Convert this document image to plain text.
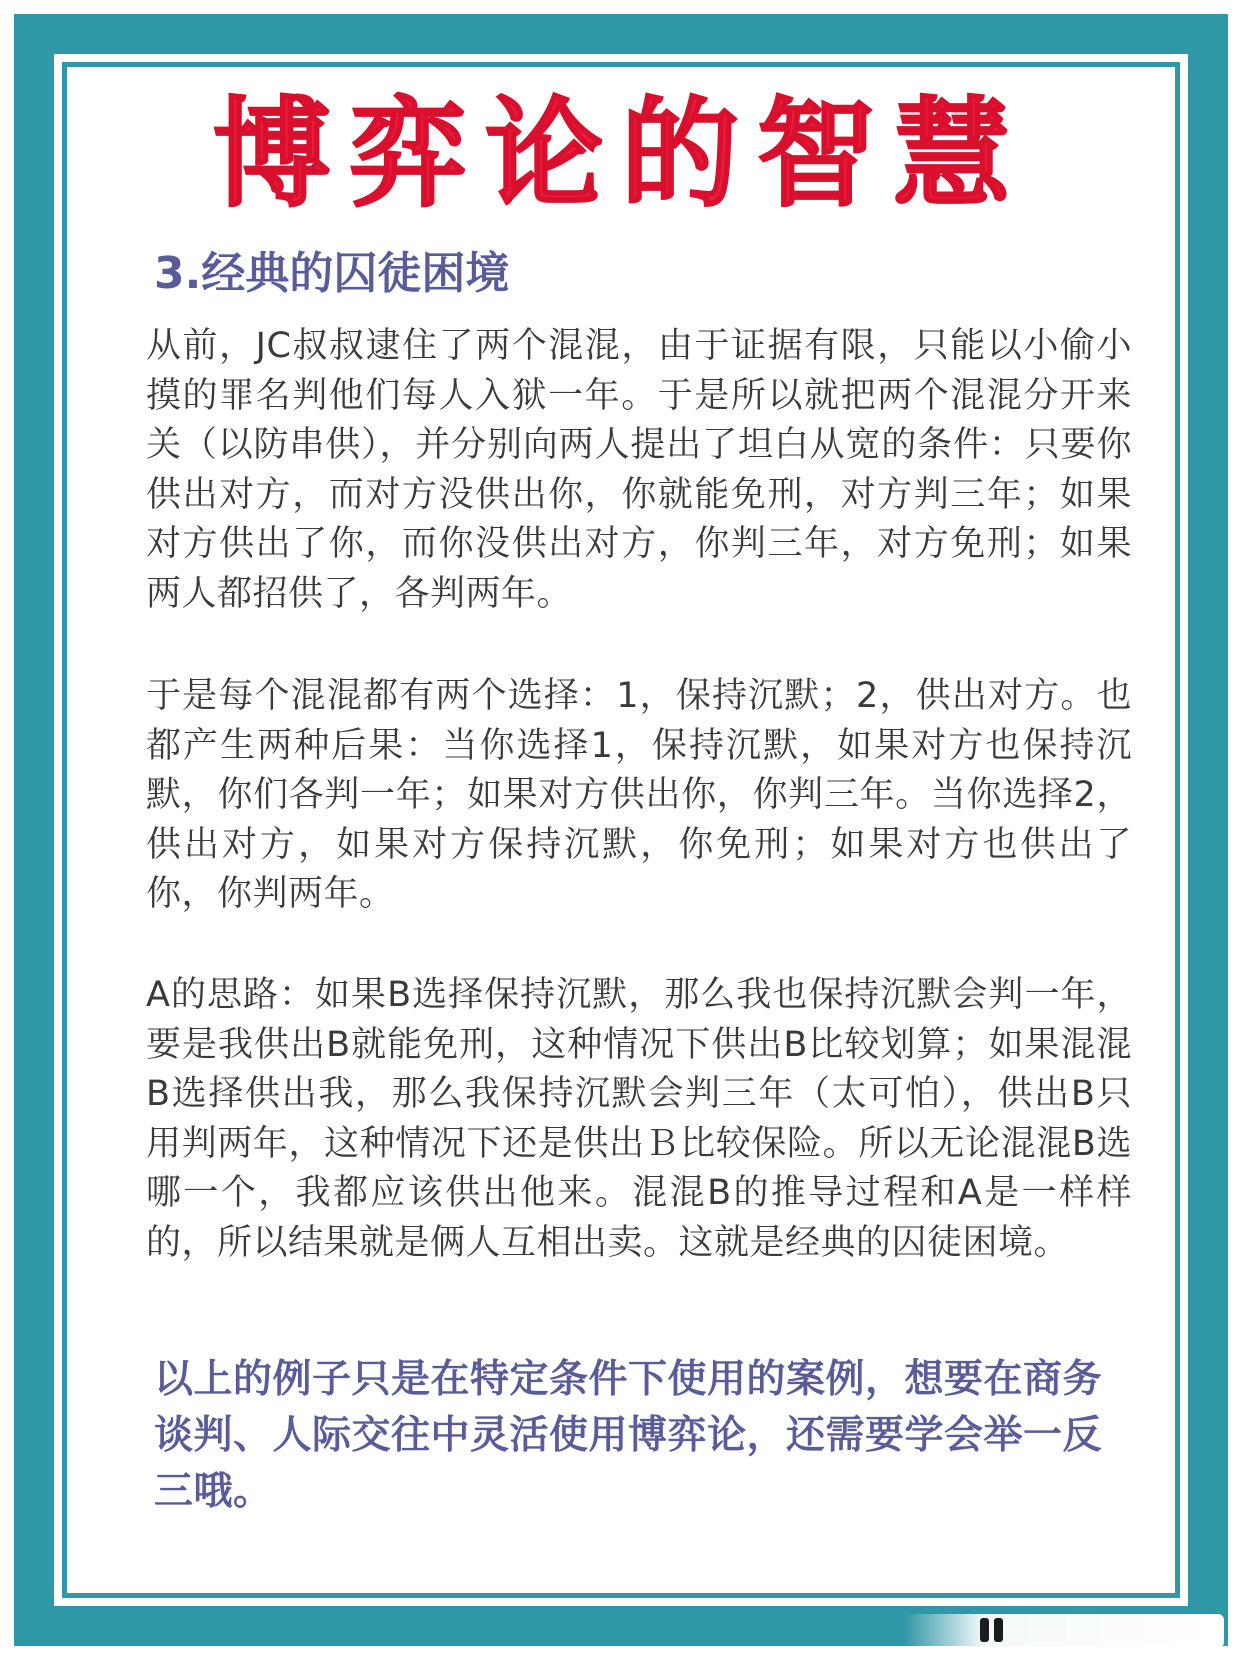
博弈论的智慧
3.经典的囚徒困境

从前，JC叔叔逮住了两个混混，由于证据有限，只能以小偷小摸的罪名判他们每人入狱一年。于是所以就把两个混混分开来关（以防串供），并分别向两人提出了坦白从宽的条件：只要你供出对方，而对方没供出你，你就能免刑，对方判三年；如果对方供出了你，而你没供出对方，你判三年，对方免刑；如果两人都招供了，各判两年。

于是每个混混都有两个选择：1，保持沉默；2，供出对方。也都产生两种后果：当你选择1，保持沉默，如果对方也保持沉默，你们各判一年；如果对方供出你，你判三年。当你选择2，供出对方，如果对方保持沉默，你免刑；如果对方也供出了你，你判两年。

A的思路：如果B选择保持沉默，那么我也保持沉默会判一年，要是我供出B就能免刑，这种情况下供出B比较划算；如果混混B选择供出我，那么我保持沉默会判三年（太可怕），供出B只用判两年，这种情况下还是供出Ｂ比较保险。所以无论混混B选哪一个，我都应该供出他来。混混B的推导过程和A是一样样的，所以结果就是俩人互相出卖。这就是经典的囚徒困境。

以上的例子只是在特定条件下使用的案例，想要在商务谈判、人际交往中灵活使用博弈论，还需要学会举一反三哦。
